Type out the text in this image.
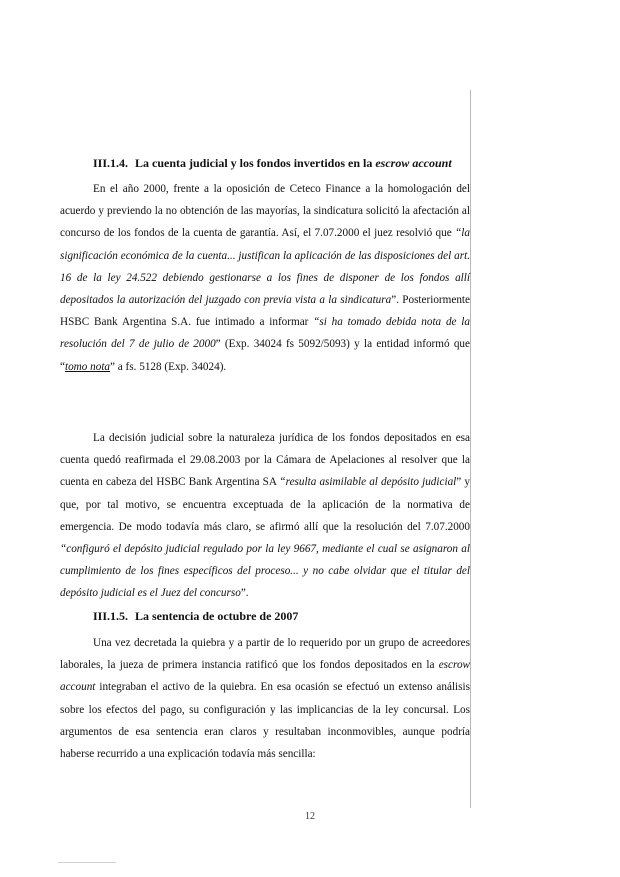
III.1.4. La cuenta judicial y los fondos invertidos en la escrow account

En el año 2000, frente a la oposición de Ceteco Finance a la homologación del acuerdo y previendo la no obtención de las mayorías, la sindicatura solicitó la afectación al concurso de los fondos de la cuenta de garantía. Así, el 7.07.2000 el juez resolvió que “la significación económica de la cuenta... justifican la aplicación de las disposiciones del art. 16 de la ley 24.522 debiendo gestionarse a los fines de disponer de los fondos allí depositados la autorización del juzgado con previa vista a la sindicatura”. Posteriormente HSBC Bank Argentina S.A. fue intimado a informar “si ha tomado debida nota de la resolución del 7 de julio de 2000” (Exp. 34024 fs 5092/5093) y la entidad informó que “tomo nota” a fs. 5128 (Exp. 34024).

La decisión judicial sobre la naturaleza jurídica de los fondos depositados en esa cuenta quedó reafirmada el 29.08.2003 por la Cámara de Apelaciones al resolver que la cuenta en cabeza del HSBC Bank Argentina SA “resulta asimilable al depósito judicial” y que, por tal motivo, se encuentra exceptuada de la aplicación de la normativa de emergencia. De modo todavía más claro, se afirmó allí que la resolución del 7.07.2000 “configuró el depósito judicial regulado por la ley 9667, mediante el cual se asignaron al cumplimiento de los fines específicos del proceso... y no cabe olvidar que el titular del depósito judicial es el Juez del concurso”.

III.1.5. La sentencia de octubre de 2007

Una vez decretada la quiebra y a partir de lo requerido por un grupo de acreedores laborales, la jueza de primera instancia ratificó que los fondos depositados en la escrow account integraban el activo de la quiebra. En esa ocasión se efectuó un extenso análisis sobre los efectos del pago, su configuración y las implicancias de la ley concursal. Los argumentos de esa sentencia eran claros y resultaban inconmovibles, aunque podría haberse recurrido a una explicación todavía más sencilla:

12
